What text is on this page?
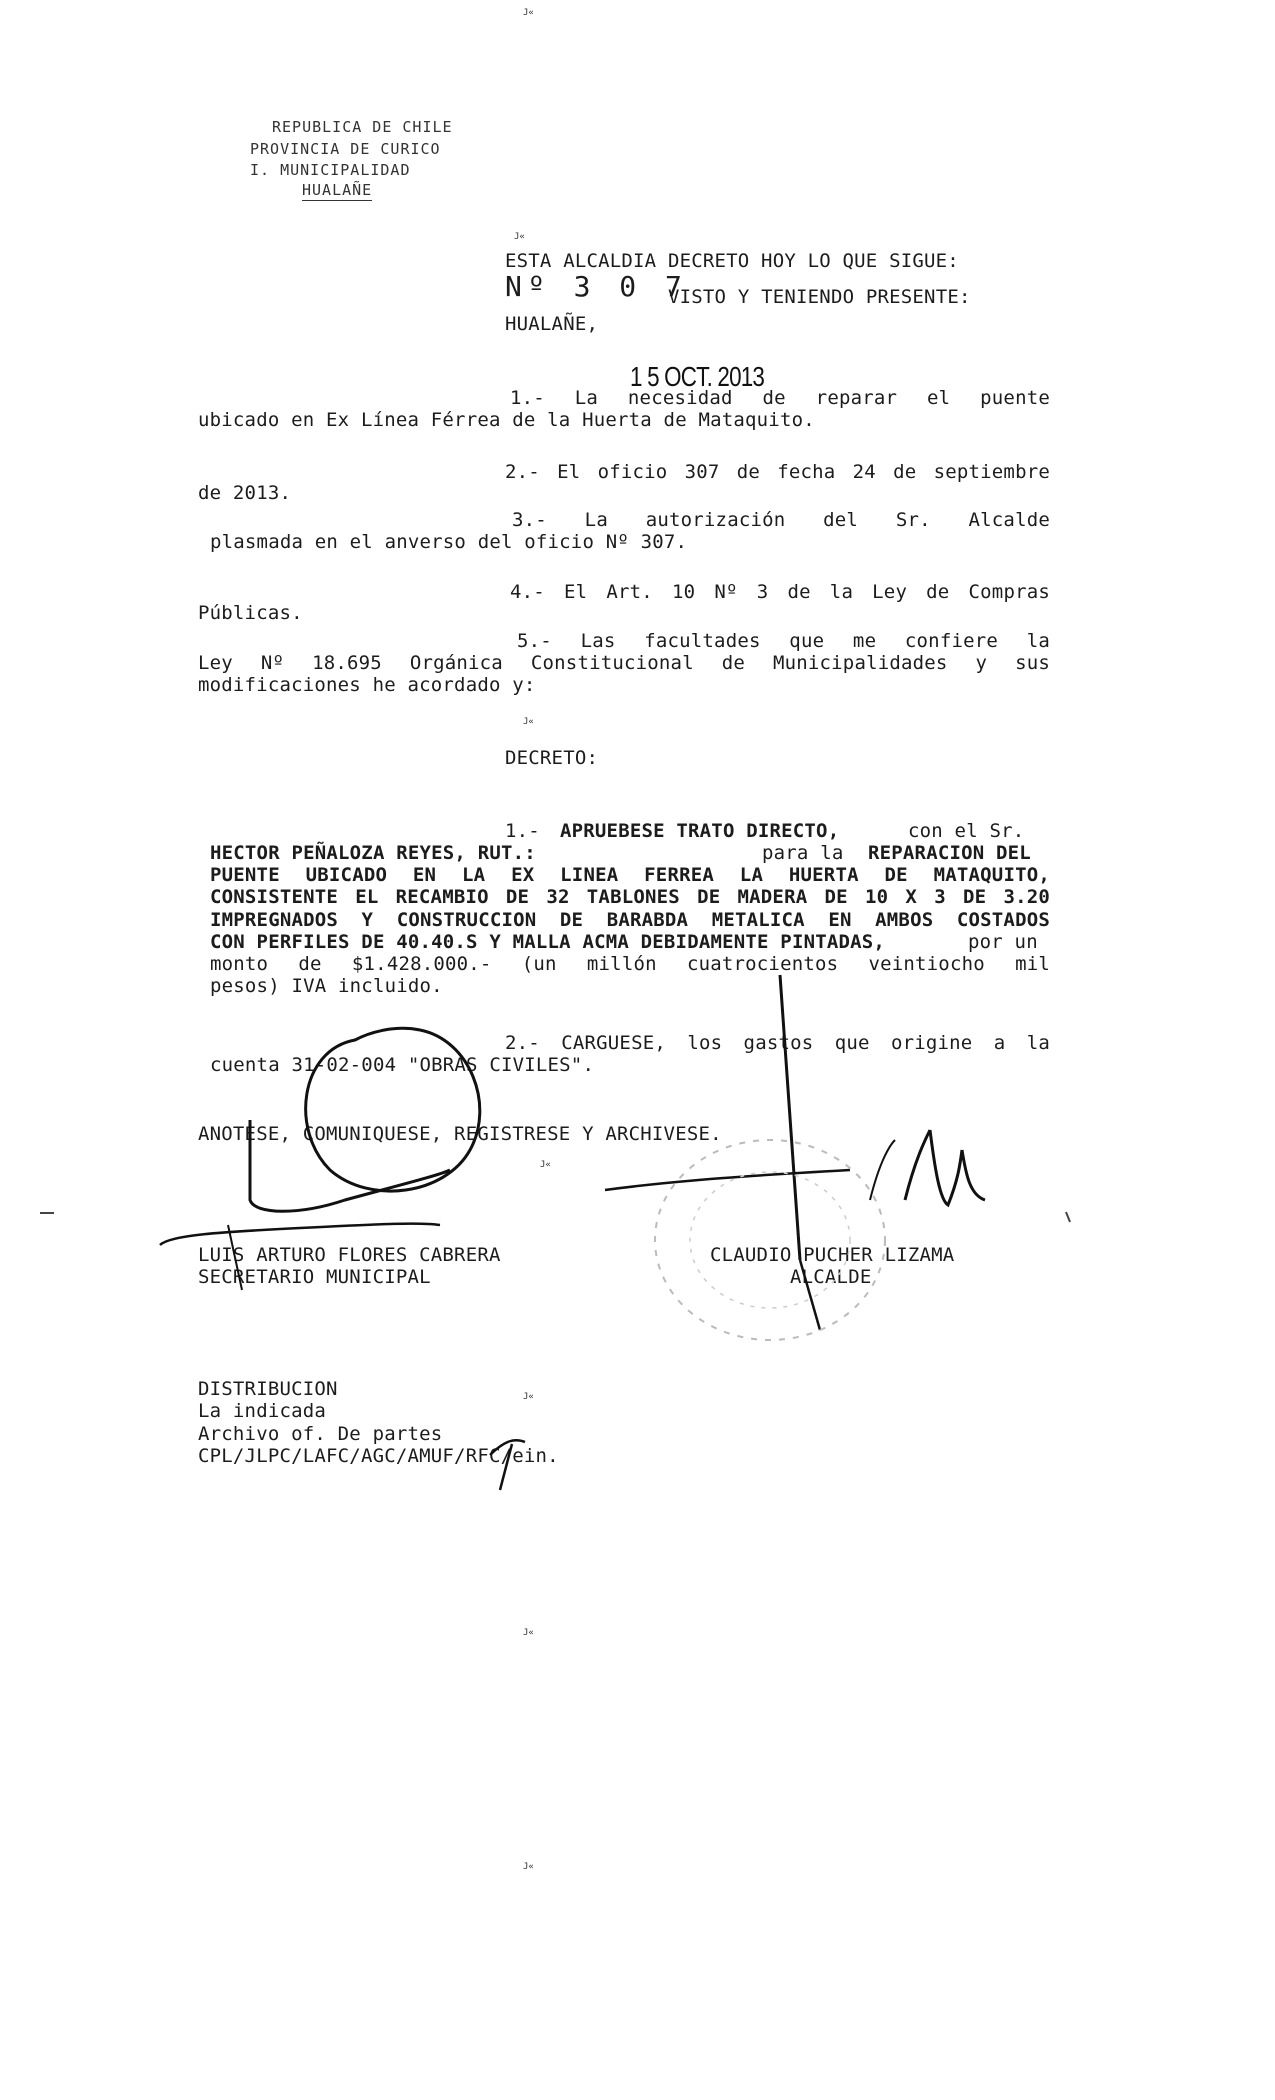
J«
J«
J«
J«
J«
J«
J«
REPUBLICA DE CHILE
PROVINCIA DE CURICO
I. MUNICIPALIDAD
HUALAÑE
ESTA ALCALDIA DECRETO HOY LO QUE SIGUE:
Nº 3 0 7
VISTO Y TENIENDO PRESENTE:
HUALAÑE,
1 5 OCT. 2013
1.- La necesidad de reparar el puente
ubicado en Ex Línea Férrea de la Huerta de Mataquito.
2.- El oficio 307 de fecha 24 de septiembre
de 2013.
3.- La autorización del Sr. Alcalde
plasmada en el anverso del oficio Nº 307.
4.- El Art. 10 Nº 3 de la Ley de Compras
Públicas.
5.- Las facultades que me confiere la
Ley Nº 18.695 Orgánica Constitucional de Municipalidades y sus
modificaciones he acordado y:
DECRETO:
1.- APRUEBESE TRATO DIRECTO,	con el Sr.
HECTOR PEÑALOZA REYES, RUT.:	para la REPARACION DEL
PUENTE UBICADO EN LA EX LINEA FERREA LA HUERTA DE MATAQUITO,
CONSISTENTE EL RECAMBIO DE 32 TABLONES DE MADERA DE 10 X 3 DE 3.20
IMPREGNADOS Y CONSTRUCCION DE BARABDA METALICA EN AMBOS COSTADOS
CON PERFILES DE 40.40.S Y MALLA ACMA DEBIDAMENTE PINTADAS,	por un
monto de $1.428.000.- (un millón cuatrocientos veintiocho mil
pesos) IVA incluido.
2.- CARGUESE, los gastos que origine a la
cuenta 31-02-004 "OBRAS CIVILES".
ANOTESE, COMUNIQUESE, REGISTRESE Y ARCHIVESE.
LUIS ARTURO FLORES CABRERA
SECRETARIO MUNICIPAL
CLAUDIO PUCHER LIZAMA
ALCALDE
DISTRIBUCION
La indicada
Archivo of. De partes
CPL/JLPC/LAFC/AGC/AMUF/RFC/ein.
